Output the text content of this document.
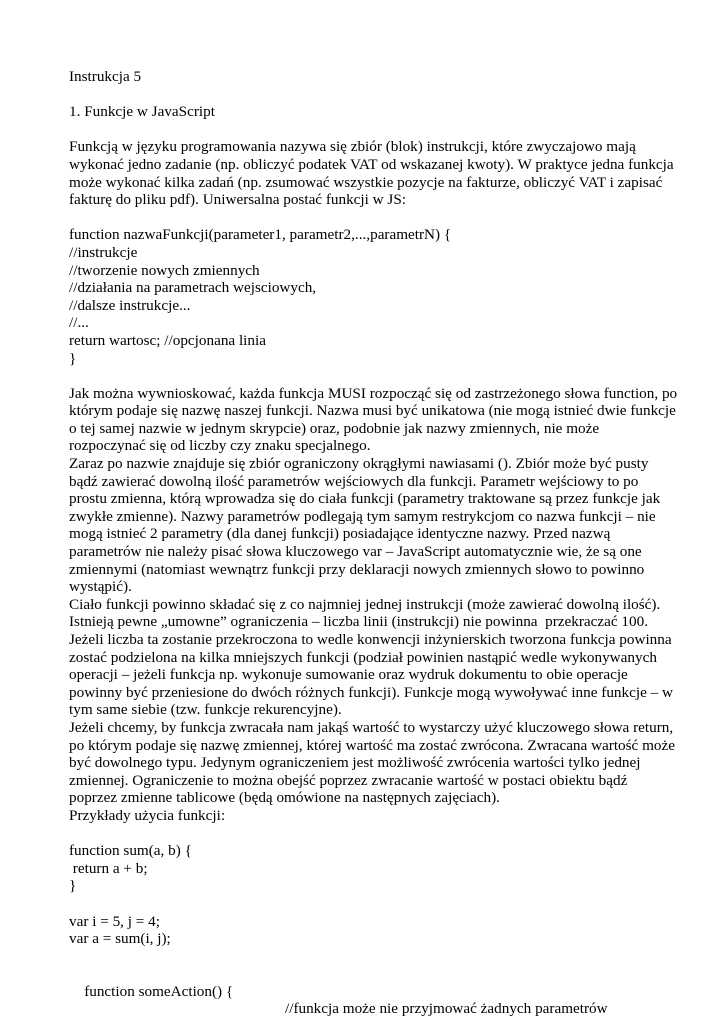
Instrukcja 5
1. Funkcje w JavaScript
Funkcją w języku programowania nazywa się zbiór (blok) instrukcji, które zwyczajowo mają
wykonać jedno zadanie (np. obliczyć podatek VAT od wskazanej kwoty). W praktyce jedna funkcja
może wykonać kilka zadań (np. zsumować wszystkie pozycje na fakturze, obliczyć VAT i zapisać
fakturę do pliku pdf). Uniwersalna postać funkcji w JS:
function nazwaFunkcji(parameter1, parametr2,...,parametrN) {
//instrukcje
//tworzenie nowych zmiennych
//działania na parametrach wejsciowych,
//dalsze instrukcje...
//...
return wartosc; //opcjonana linia
}
Jak można wywnioskować, każda funkcja MUSI rozpocząć się od zastrzeżonego słowa function, po
którym podaje się nazwę naszej funkcji. Nazwa musi być unikatowa (nie mogą istnieć dwie funkcje
o tej samej nazwie w jednym skrypcie) oraz, podobnie jak nazwy zmiennych, nie może
rozpoczynać się od liczby czy znaku specjalnego.
Zaraz po nazwie znajduje się zbiór ograniczony okrągłymi nawiasami (). Zbiór może być pusty
bądź zawierać dowolną ilość parametrów wejściowych dla funkcji. Parametr wejściowy to po
prostu zmienna, którą wprowadza się do ciała funkcji (parametry traktowane są przez funkcje jak
zwykłe zmienne). Nazwy parametrów podlegają tym samym restrykcjom co nazwa funkcji – nie
mogą istnieć 2 parametry (dla danej funkcji) posiadające identyczne nazwy. Przed nazwą
parametrów nie należy pisać słowa kluczowego var – JavaScript automatycznie wie, że są one
zmiennymi (natomiast wewnątrz funkcji przy deklaracji nowych zmiennych słowo to powinno
wystąpić).
Ciało funkcji powinno składać się z co najmniej jednej instrukcji (może zawierać dowolną ilość).
Istnieją pewne „umowne” ograniczenia – liczba linii (instrukcji) nie powinna  przekraczać 100.
Jeżeli liczba ta zostanie przekroczona to wedle konwencji inżynierskich tworzona funkcja powinna
zostać podzielona na kilka mniejszych funkcji (podział powinien nastąpić wedle wykonywanych
operacji – jeżeli funkcja np. wykonuje sumowanie oraz wydruk dokumentu to obie operacje
powinny być przeniesione do dwóch różnych funkcji). Funkcje mogą wywoływać inne funkcje – w
tym same siebie (tzw. funkcje rekurencyjne).
Jeżeli chcemy, by funkcja zwracała nam jakąś wartość to wystarczy użyć kluczowego słowa return,
po którym podaje się nazwę zmiennej, której wartość ma zostać zwrócona. Zwracana wartość może
być dowolnego typu. Jedynym ograniczeniem jest możliwość zwrócenia wartości tylko jednej
zmiennej. Ograniczenie to można obejść poprzez zwracanie wartość w postaci obiektu bądź
poprzez zmienne tablicowe (będą omówione na następnych zajęciach).
Przykłady użycia funkcji:
function sum(a, b) {
return a + b;
}
var i = 5, j = 4;
var a = sum(i, j);

function someAction() {

//funkcja może nie przyjmować żadnych parametrów
